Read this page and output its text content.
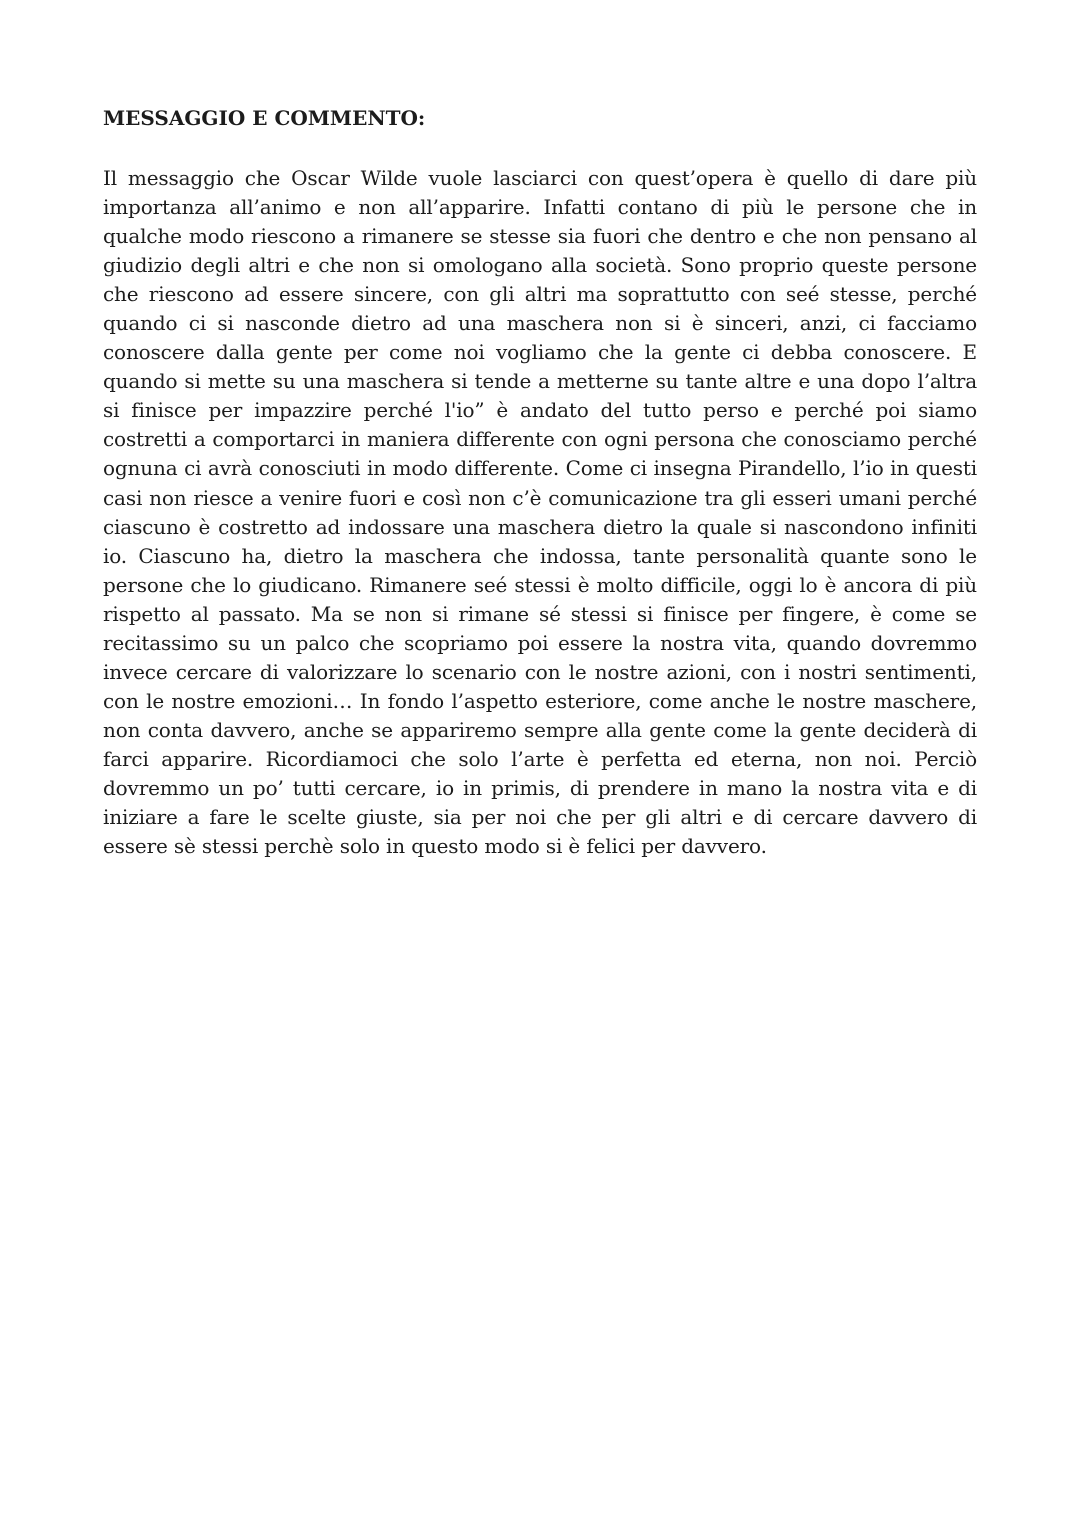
MESSAGGIO E COMMENTO:

Il messaggio che Oscar Wilde vuole lasciarci con quest’opera è quello di dare più importanza all’animo e non all’apparire. Infatti contano di più le persone che in qualche modo riescono a rimanere se stesse sia fuori che dentro e che non pensano al giudizio degli altri e che non si omologano alla società. Sono proprio queste persone che riescono ad essere sincere, con gli altri ma soprattutto con seé stesse, perché quando ci si nasconde dietro ad una maschera non si è sinceri, anzi, ci facciamo conoscere dalla gente per come noi vogliamo che la gente ci debba conoscere. E quando si mette su una maschera si tende a metterne su tante altre e una dopo l’altra si finisce per impazzire perché l'io” è andato del tutto perso e perché poi siamo costretti a comportarci in maniera differente con ogni persona che conosciamo perché ognuna ci avrà conosciuti in modo differente. Come ci insegna Pirandello, l’io in questi casi non riesce a venire fuori e così non c’è comunicazione tra gli esseri umani perché ciascuno è costretto ad indossare una maschera dietro la quale si nascondono infiniti io. Ciascuno ha, dietro la maschera che indossa, tante personalità quante sono le persone che lo giudicano. Rimanere seé stessi è molto difficile, oggi lo è ancora di più rispetto al passato. Ma se non si rimane sé stessi si finisce per fingere, è come se recitassimo su un palco che scopriamo poi essere la nostra vita, quando dovremmo invece cercare di valorizzare lo scenario con le nostre azioni, con i nostri sentimenti, con le nostre emozioni… In fondo l’aspetto esteriore, come anche le nostre maschere, non conta davvero, anche se appariremo sempre alla gente come la gente deciderà di farci apparire. Ricordiamoci che solo l’arte è perfetta ed eterna, non noi. Perciò dovremmo un po’ tutti cercare, io in primis, di prendere in mano la nostra vita e di iniziare a fare le scelte giuste, sia per noi che per gli altri e di cercare davvero di essere sè stessi perchè solo in questo modo si è felici per davvero.
